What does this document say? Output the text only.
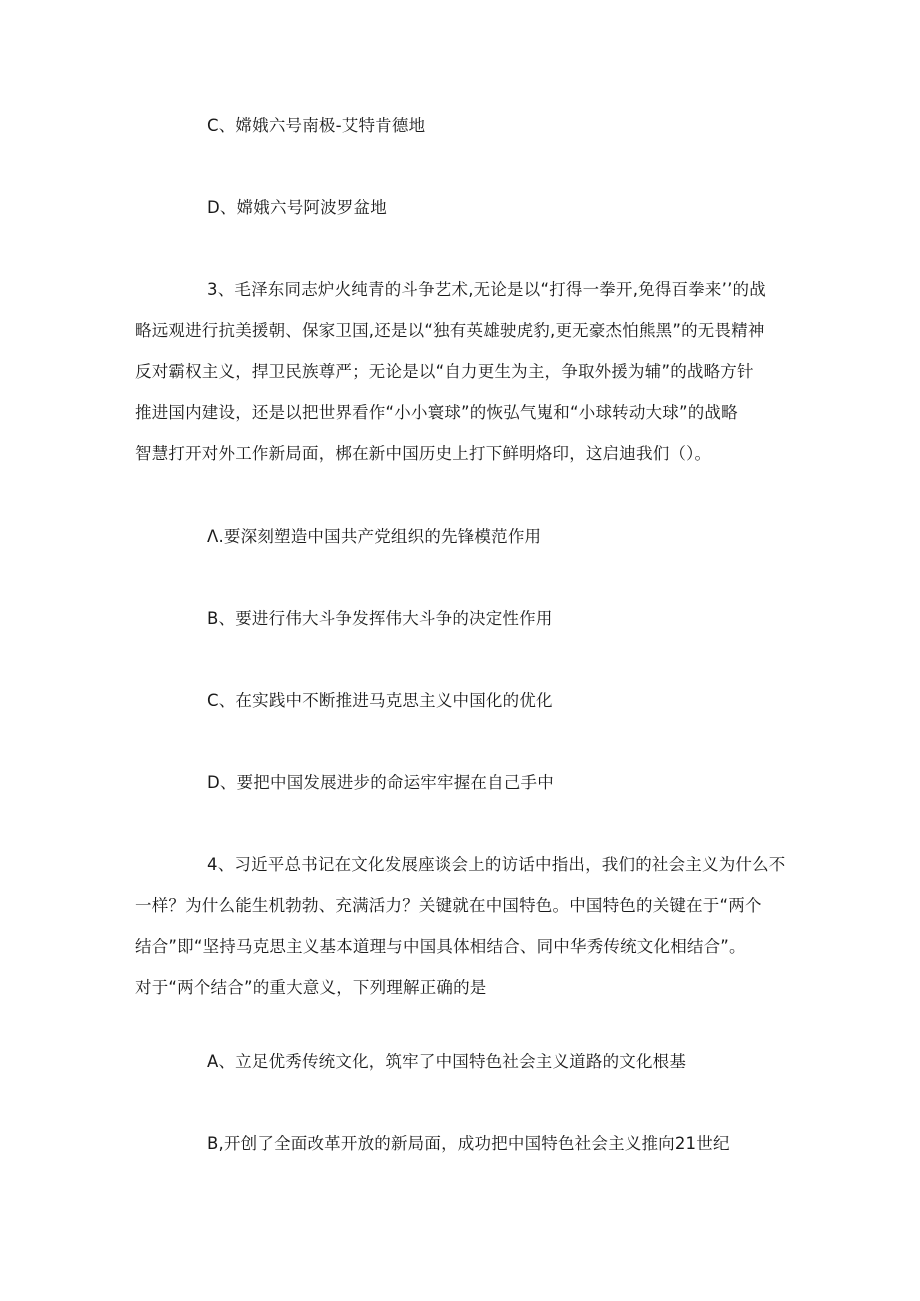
C、嫦娥六号南极-艾特肯德地
D、嫦娥六号阿波罗盆地
3、毛泽东同志炉火纯青的斗争艺术,无论是以“打得一拳开,免得百拳来’’的战
略远观进行抗美援朝、保家卫国,还是以“独有英雄驶虎豹,更无豪杰怕熊黑”的无畏精神
反对霸权主义，捍卫民族尊严；无论是以“自力更生为主，争取外援为辅”的战略方针
推进国内建设，还是以把世界看作“小小寰球”的恢弘气嵬和“小球转动大球”的战略
智慧打开对外工作新局面，梆在新中国历史上打下鲜明烙印，这启迪我们（）。
Λ.要深刻塑造中国共产党组织的先锋模范作用
B、要进行伟大斗争发挥伟大斗争的决定性作用
C、在实践中不断推进马克思主义中国化的优化
D、要把中国发展进步的命运牢牢握在自己手中
4、习近平总书记在文化发展座谈会上的访话中指出，我们的社会主义为什么不
一样？为什么能生机勃勃、充满活力？关键就在中国特色。中国特色的关键在于“两个
结合”即“坚持马克思主义基本道理与中国具体相结合、同中华秀传统文化相结合”。
对于“两个结合”的重大意义，下列理解正确的是
A、立足优秀传统文化，筑牢了中国特色社会主义道路的文化根基
B,开创了全面改革开放的新局面，成功把中国特色社会主义推向21世纪
